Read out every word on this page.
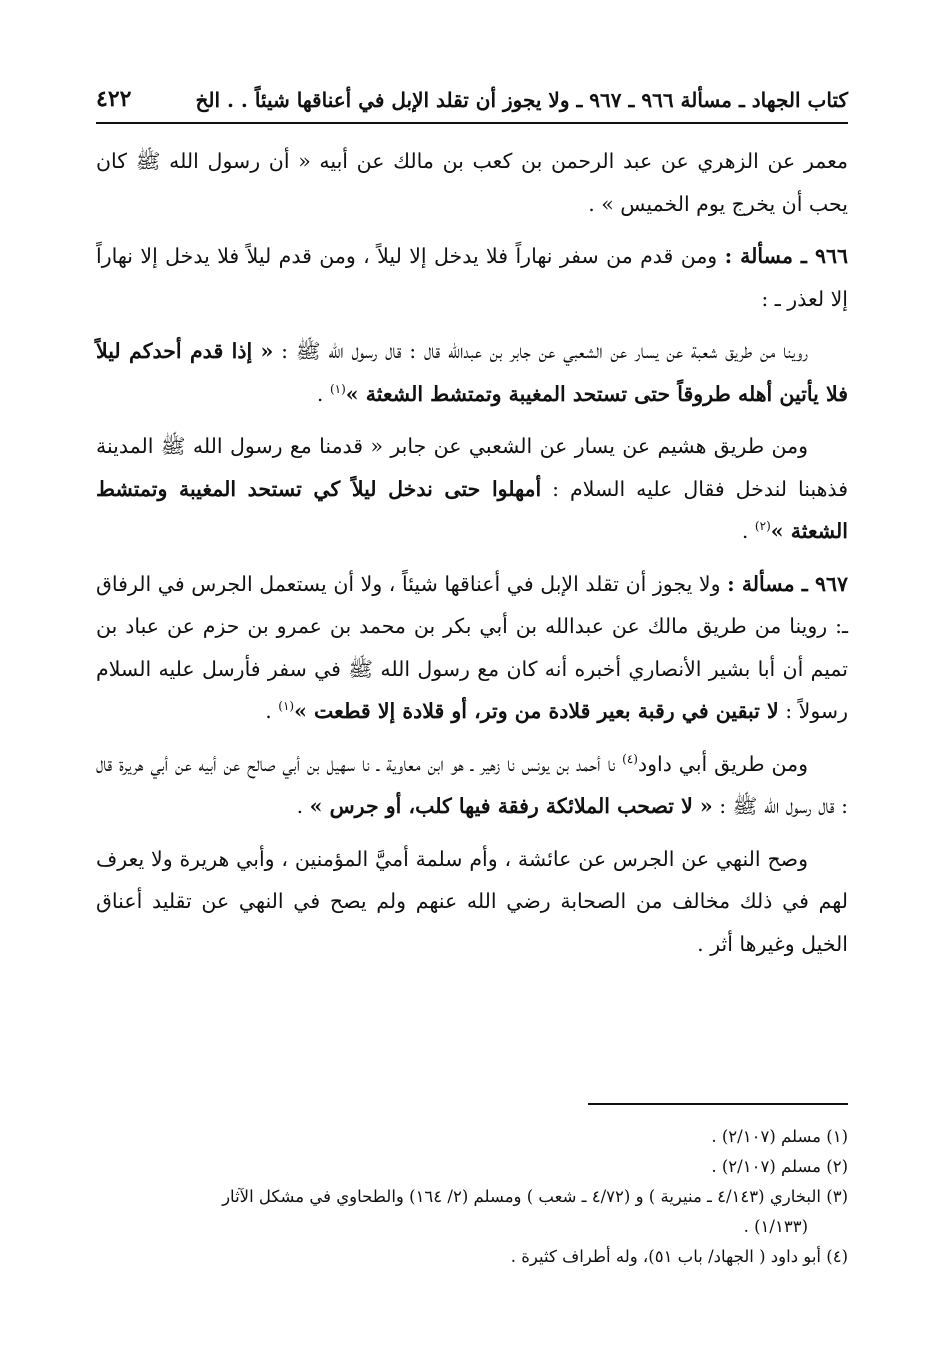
٤٢٢	كتاب الجهاد ـ مسألة ٩٦٦ ـ ٩٦٧ ـ ولا يجوز أن تقلد الإبل في أعناقها شيئاً . . الخ

معمر عن الزهري عن عبد الرحمن بن كعب بن مالك عن أبيه « أن رسول الله ﷺ كان يحب أن يخرج يوم الخميس » .

٩٦٦ ـ مسألة : ومن قدم من سفر نهاراً فلا يدخل إلا ليلاً ، ومن قدم ليلاً فلا يدخل إلا نهاراً إلا لعذر ـ :

روينا من طريق شعبة عن يسار عن الشعبي عن جابر بن عبدالله قال : قال رسول الله ﷺ : « إذا قدم أحدكم ليلاً فلا يأتين أهله طروقاً حتى تستحد المغيبة وتمتشط الشعثة »$^{(١)}$ .

ومن طريق هشيم عن يسار عن الشعبي عن جابر « قدمنا مع رسول الله ﷺ المدينة فذهبنا لندخل فقال عليه السلام : أمهلوا حتى ندخل ليلاً كي تستحد المغيبة وتمتشط الشعثة »$^{(٢)}$ .

٩٦٧ ـ مسألة : ولا يجوز أن تقلد الإبل في أعناقها شيئاً ، ولا أن يستعمل الجرس في الرفاق ـ: روينا من طريق مالك عن عبدالله بن أبي بكر بن محمد بن عمرو بن حزم عن عباد بن تميم أن أبا بشير الأنصاري أخبره أنه كان مع رسول الله ﷺ في سفر فأرسل عليه السلام رسولاً : لا تبقين في رقبة بعير قلادة من وتر، أو قلادة إلا قطعت »$^{(١)}$ .

ومن طريق أبي داود$^{(٤)}$ نا أحمد بن يونس نا زهير ـ هو ابن معاوية ـ نا سهيل بن أبي صالح عن أبيه عن أبي هريرة قال : قال رسول الله ﷺ : « لا تصحب الملائكة رفقة فيها كلب، أو جرس » .

وصح النهي عن الجرس عن عائشة ، وأم سلمة أميَّ المؤمنين ، وأبي هريرة ولا يعرف لهم في ذلك مخالف من الصحابة رضي الله عنهم ولم يصح في النهي عن تقليد أعناق الخيل وغيرها أثر .

(١) مسلم (٢/١٠٧) .

(٢) مسلم (٢/١٠٧) .

(٣) البخاري (٤/١٤٣ ـ منيرية ) و (٤/٧٢ ـ شعب ) ومسلم (٢/ ١٦٤) والطحاوي في مشكل الآثار

(١/١٣٣) .

(٤) أبو داود ( الجهاد/ باب ٥١)، وله أطراف كثيرة .
